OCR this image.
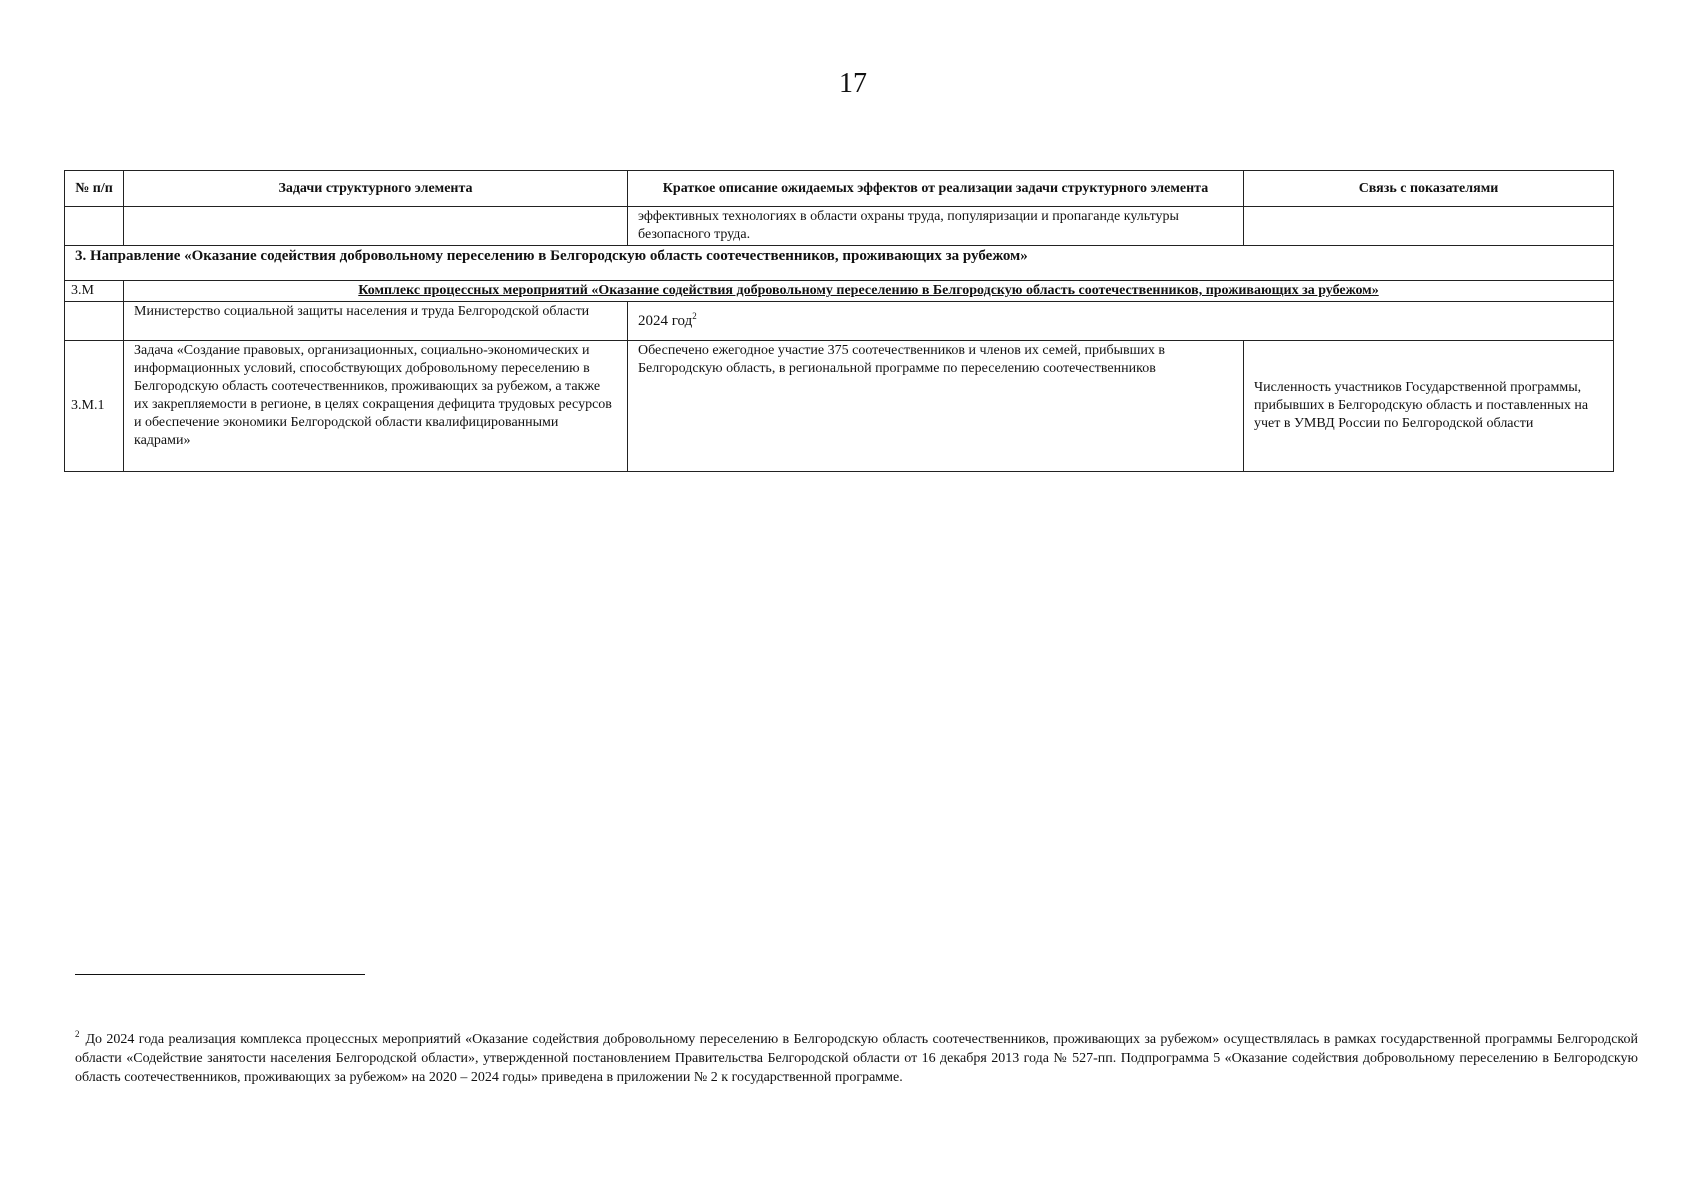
17
№ п/п	Задачи структурного элемента	Краткое описание ожидаемых эффектов от реализации задачи структурного элемента	Связь с показателями
		эффективных технологиях в области охраны труда, популяризации и пропаганде культуры безопасного труда.	
3. Направление «Оказание содействия добровольному переселению в Белгородскую область соотечественников, проживающих за рубежом»			
3.М	Комплекс процессных мероприятий «Оказание содействия добровольному переселению в Белгородскую область соотечественников, проживающих за рубежом»		
	Министерство социальной защиты населения и труда Белгородской области	2024 год$^2$
3.М.1	Задача «Создание правовых, организационных, социально-экономических и информационных условий, способствующих добровольному переселению в Белгородскую область соотечественников, проживающих за рубежом, а также их закрепляемости в регионе, в целях сокращения дефицита трудовых ресурсов и обеспечение экономики Белгородской области квалифицированными кадрами»	Обеспечено ежегодное участие 375 соотечественников и членов их семей, прибывших в Белгородскую область, в региональной программе по переселению соотечественников	Численность участников Государственной программы, прибывших в Белгородскую область и поставленных на учет в УМВД России по Белгородской области
$^2$ До 2024 года реализация комплекса процессных мероприятий «Оказание содействия добровольному переселению в Белгородскую область соотечественников, проживающих за рубежом» осуществлялась в рамках государственной программы Белгородской области «Содействие занятости населения Белгородской области», утвержденной постановлением Правительства Белгородской области от 16 декабря 2013 года № 527-пп. Подпрограмма 5 «Оказание содействия добровольному переселению в Белгородскую область соотечественников, проживающих за рубежом» на 2020 – 2024 годы» приведена в приложении № 2 к государственной программе.
